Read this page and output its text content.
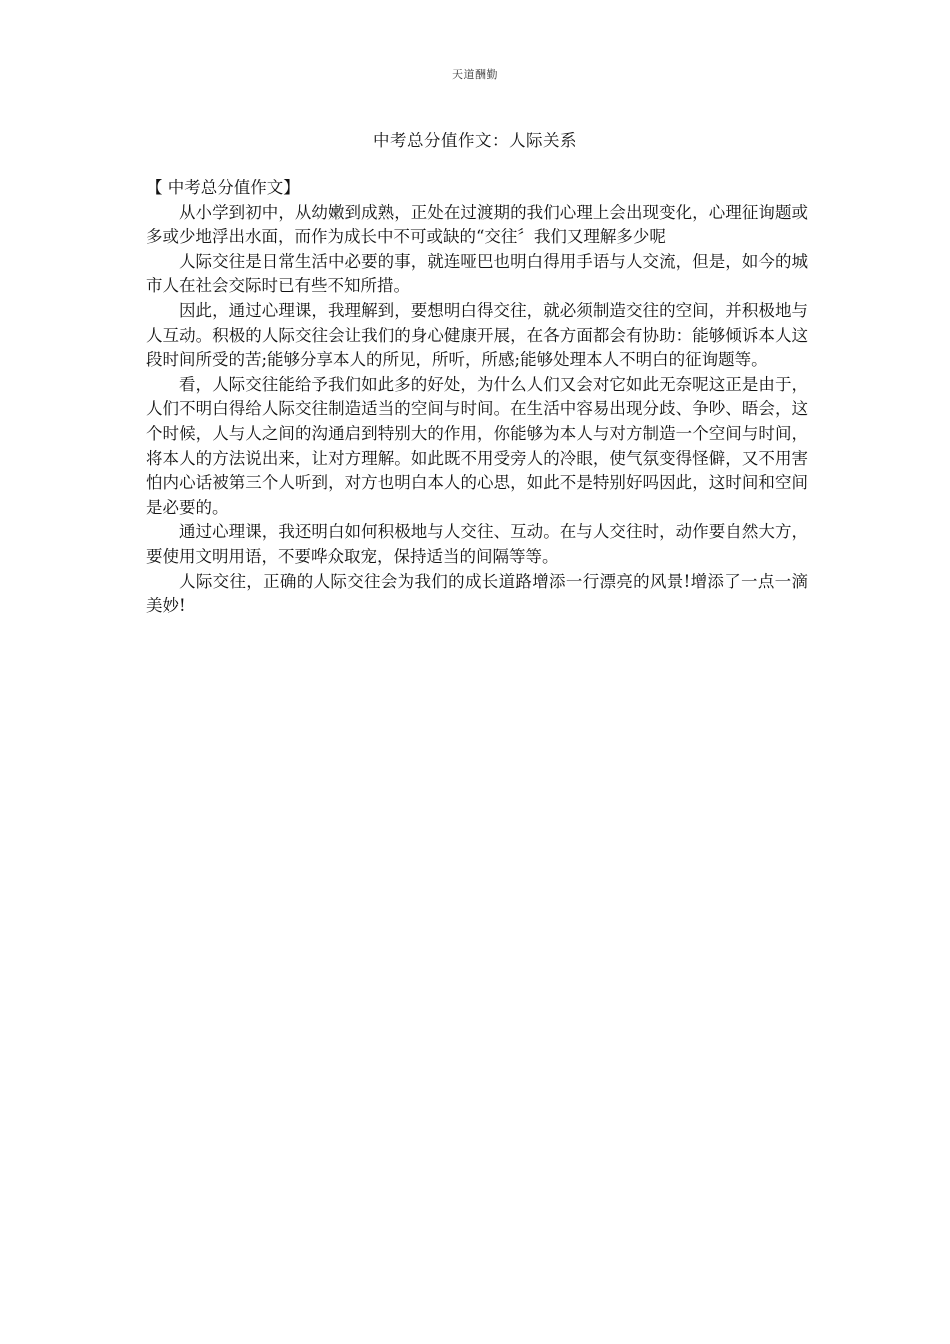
天道酬勤
中考总分值作文：人际关系

【 中考总分值作文】

从小学到初中，从幼嫩到成熟，正处在过渡期的我们心理上会出现变化，心理征询题或多或少地浮出水面，而作为成长中不可或缺的“交往〞我们又理解多少呢

人际交往是日常生活中必要的事，就连哑巴也明白得用手语与人交流，但是，如今的城市人在社会交际时已有些不知所措。

因此，通过心理课，我理解到，要想明白得交往，就必须制造交往的空间，并积极地与人互动。积极的人际交往会让我们的身心健康开展，在各方面都会有协助：能够倾诉本人这段时间所受的苦;能够分享本人的所见，所听，所感;能够处理本人不明白的征询题等。

看，人际交往能给予我们如此多的好处，为什么人们又会对它如此无奈呢这正是由于，人们不明白得给人际交往制造适当的空间与时间。在生活中容易出现分歧、争吵、晤会，这个时候，人与人之间的沟通启到特别大的作用，你能够为本人与对方制造一个空间与时间，将本人的方法说出来，让对方理解。如此既不用受旁人的冷眼，使气氛变得怪僻，又不用害怕内心话被第三个人听到，对方也明白本人的心思，如此不是特别好吗因此，这时间和空间是必要的。

通过心理课，我还明白如何积极地与人交往、互动。在与人交往时，动作要自然大方，要使用文明用语，不要哗众取宠，保持适当的间隔等等。

人际交往，正确的人际交往会为我们的成长道路增添一行漂亮的风景!增添了一点一滴美妙!
